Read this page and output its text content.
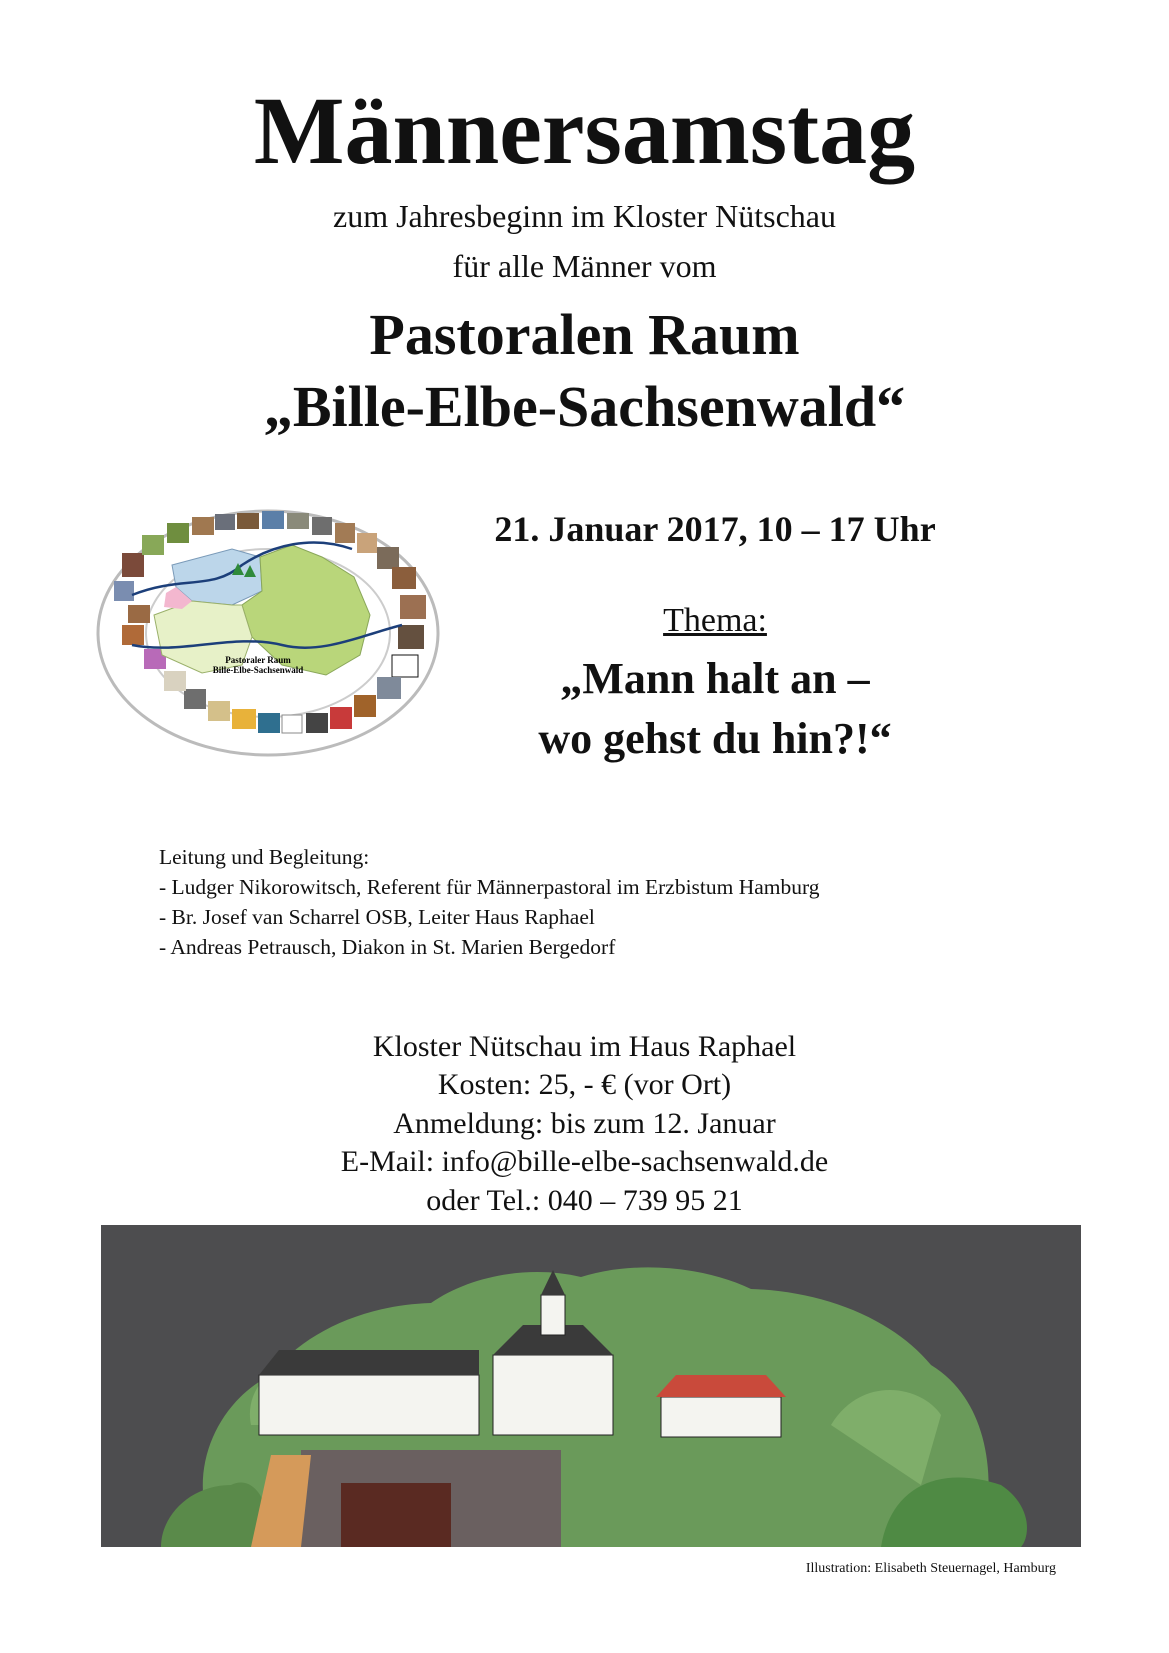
Männersamstag
zum Jahresbeginn im Kloster Nütschau
für alle Männer vom
Pastoralen Raum
„Bille-Elbe-Sachsenwald“
Pastoraler Raum
Bille-Elbe-Sachsenwald
21. Januar 2017, 10 – 17 Uhr
Thema:
„Mann halt an –
wo gehst du hin?!“
Leitung und Begleitung:
- Ludger Nikorowitsch, Referent für Männerpastoral im Erzbistum Hamburg
- Br. Josef van Scharrel OSB, Leiter Haus Raphael
- Andreas Petrausch, Diakon in St. Marien Bergedorf
Kloster Nütschau im Haus Raphael
Kosten: 25, - € (vor Ort)
Anmeldung: bis zum 12. Januar
E-Mail: info@bille-elbe-sachsenwald.de
oder Tel.: 040 – 739 95 21
Illustration: Elisabeth Steuernagel, Hamburg
